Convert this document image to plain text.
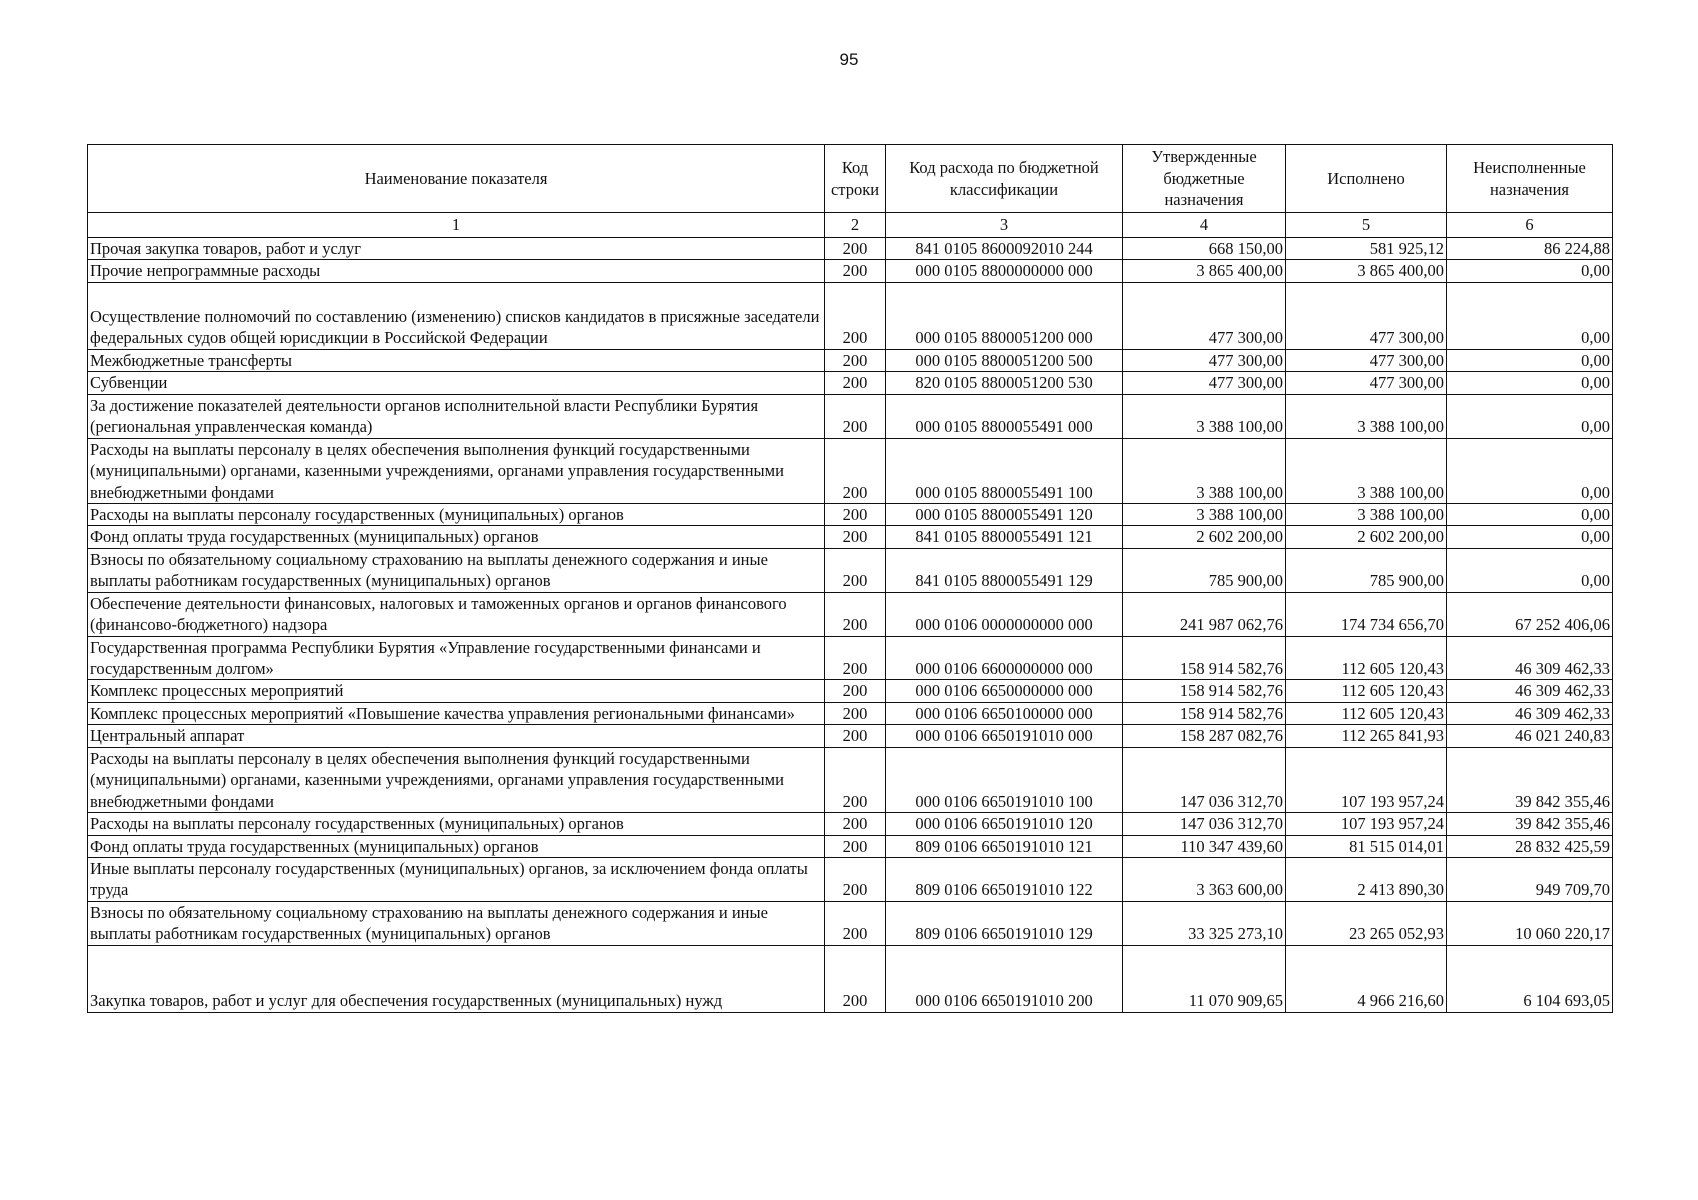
95
Наименование показателя	Код строки	Код расхода по бюджетной классификации	Утвержденные бюджетные назначения	Исполнено	Неисполненные назначения
1	2	3	4	5	6
Прочая закупка товаров, работ и услуг	200	841 0105 8600092010 244	668 150,00	581 925,12	86 224,88
Прочие непрограммные расходы	200	000 0105 8800000000 000	3 865 400,00	3 865 400,00	0,00
Осуществление полномочий по составлению (изменению) списков кандидатов в присяжные заседатели федеральных судов общей юрисдикции в Российской Федерации	200	000 0105 8800051200 000	477 300,00	477 300,00	0,00
Межбюджетные трансферты	200	000 0105 8800051200 500	477 300,00	477 300,00	0,00
Субвенции	200	820 0105 8800051200 530	477 300,00	477 300,00	0,00
За достижение показателей деятельности органов исполнительной власти Республики Бурятия (региональная управленческая команда)	200	000 0105 8800055491 000	3 388 100,00	3 388 100,00	0,00
Расходы на выплаты персоналу в целях обеспечения выполнения функций государственными (муниципальными) органами, казенными учреждениями, органами управления государственными внебюджетными фондами	200	000 0105 8800055491 100	3 388 100,00	3 388 100,00	0,00
Расходы на выплаты персоналу государственных (муниципальных) органов	200	000 0105 8800055491 120	3 388 100,00	3 388 100,00	0,00
Фонд оплаты труда государственных (муниципальных) органов	200	841 0105 8800055491 121	2 602 200,00	2 602 200,00	0,00
Взносы по обязательному социальному страхованию на выплаты денежного содержания и иные выплаты работникам государственных (муниципальных) органов	200	841 0105 8800055491 129	785 900,00	785 900,00	0,00
Обеспечение деятельности финансовых, налоговых и таможенных органов и органов финансового (финансово-бюджетного) надзора	200	000 0106 0000000000 000	241 987 062,76	174 734 656,70	67 252 406,06
Государственная программа Республики Бурятия «Управление государственными финансами и государственным долгом»	200	000 0106 6600000000 000	158 914 582,76	112 605 120,43	46 309 462,33
Комплекс процессных мероприятий	200	000 0106 6650000000 000	158 914 582,76	112 605 120,43	46 309 462,33
Комплекс процессных мероприятий «Повышение качества управления региональными финансами»	200	000 0106 6650100000 000	158 914 582,76	112 605 120,43	46 309 462,33
Центральный аппарат	200	000 0106 6650191010 000	158 287 082,76	112 265 841,93	46 021 240,83
Расходы на выплаты персоналу в целях обеспечения выполнения функций государственными (муниципальными) органами, казенными учреждениями, органами управления государственными внебюджетными фондами	200	000 0106 6650191010 100	147 036 312,70	107 193 957,24	39 842 355,46
Расходы на выплаты персоналу государственных (муниципальных) органов	200	000 0106 6650191010 120	147 036 312,70	107 193 957,24	39 842 355,46
Фонд оплаты труда государственных (муниципальных) органов	200	809 0106 6650191010 121	110 347 439,60	81 515 014,01	28 832 425,59
Иные выплаты персоналу государственных (муниципальных) органов, за исключением фонда оплаты труда	200	809 0106 6650191010 122	3 363 600,00	2 413 890,30	949 709,70
Взносы по обязательному социальному страхованию на выплаты денежного содержания и иные выплаты работникам государственных (муниципальных) органов	200	809 0106 6650191010 129	33 325 273,10	23 265 052,93	10 060 220,17
Закупка товаров, работ и услуг для обеспечения государственных (муниципальных) нужд	200	000 0106 6650191010 200	11 070 909,65	4 966 216,60	6 104 693,05
